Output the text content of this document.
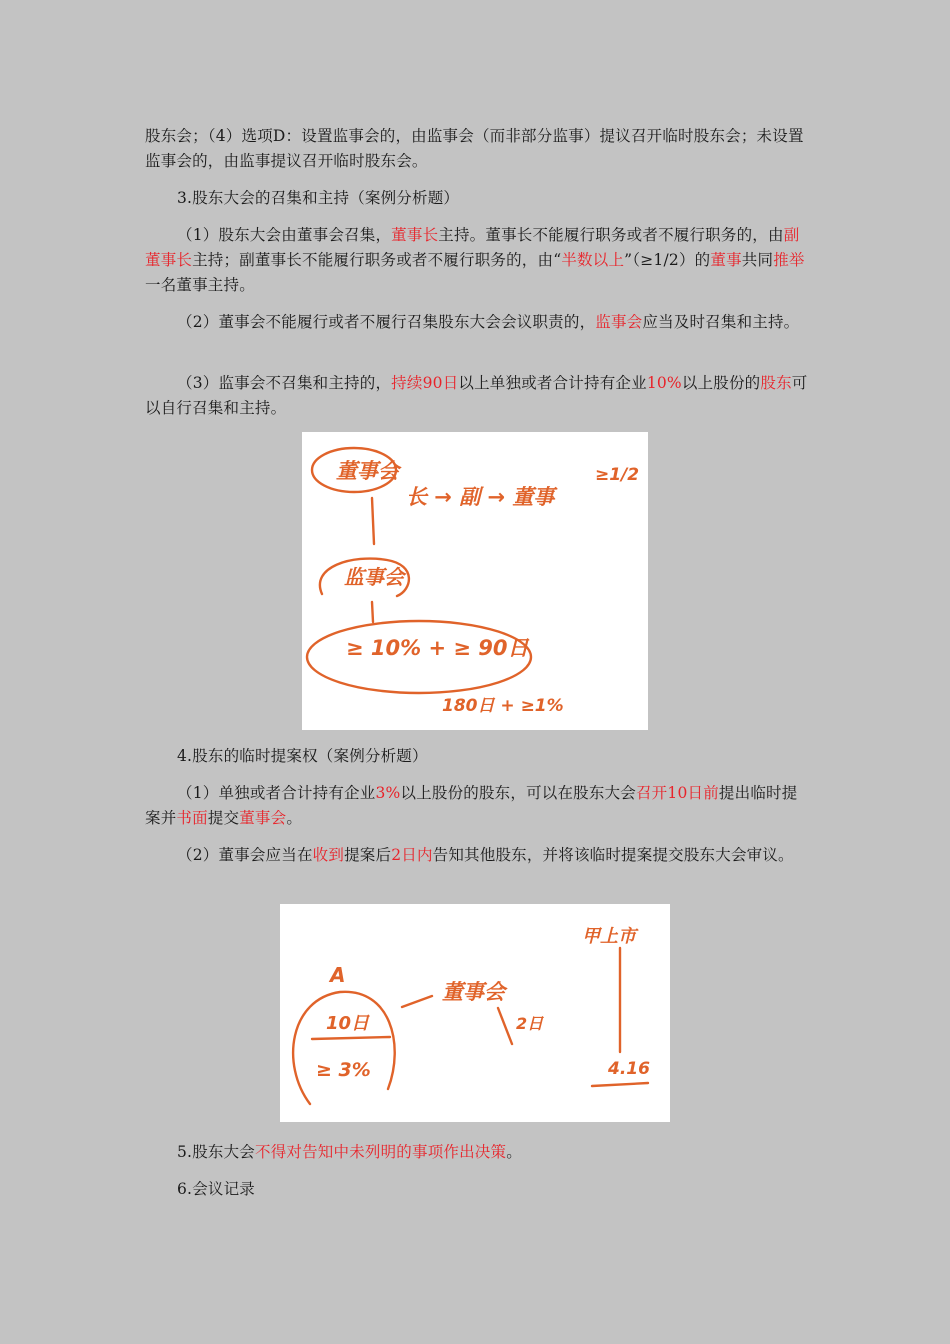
股东会；（4）选项D：设置监事会的，由监事会（而非部分监事）提议召开临时股东会；未设置监事会的，由监事提议召开临时股东会。

3.股东大会的召集和主持（案例分析题）

（1）股东大会由董事会召集，董事长主持。董事长不能履行职务或者不履行职务的，由副董事长主持；副董事长不能履行职务或者不履行职务的，由“半数以上”（≥1/2）的董事共同推举一名董事主持。

（2）董事会不能履行或者不履行召集股东大会会议职责的，监事会应当及时召集和主持。

（3）监事会不召集和主持的，持续90日以上单独或者合计持有企业10%以上股份的股东可以自行召集和主持。

董事会
长 → 副 → 董事
≥1/2
监事会
≥ 10% + ≥ 90日
180日 + ≥1%

4.股东的临时提案权（案例分析题）

（1）单独或者合计持有企业3%以上股份的股东，可以在股东大会召开10日前提出临时提案并书面提交董事会。

（2）董事会应当在收到提案后2日内告知其他股东，并将该临时提案提交股东大会审议。

A
10日
≥ 3%
董事会
2日
甲上市
4.16

5.股东大会不得对告知中未列明的事项作出决策。

6.会议记录
